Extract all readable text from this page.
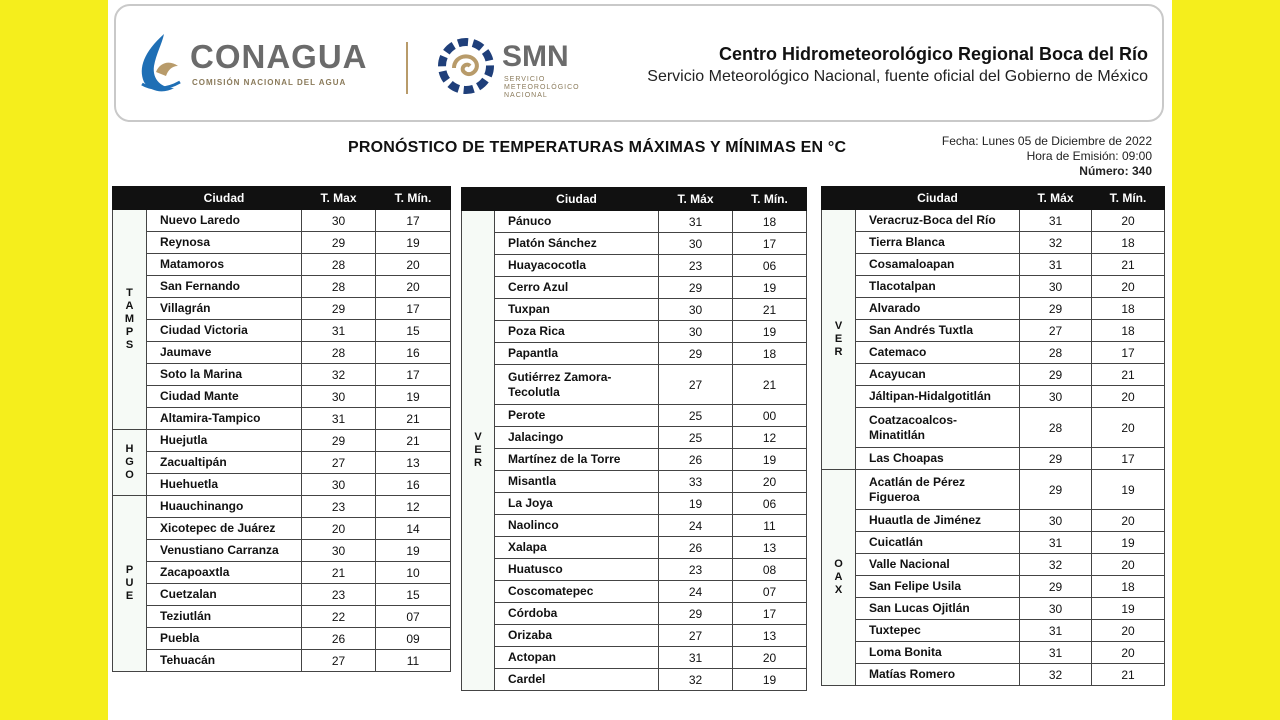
CONAGUA
COMISIÓN NACIONAL DEL AGUA
SMN
SERVICIO METEOROLÓGICO NACIONAL
Centro Hidrometeorológico Regional Boca del Río
Servicio Meteorológico Nacional, fuente oficial del Gobierno de México
PRONÓSTICO DE TEMPERATURAS MÁXIMAS Y MÍNIMAS EN °C	Fecha: Lunes 05 de Diciembre de 2022
Hora de Emisión: 09:00
Número: 340
	Ciudad	T. Max	T. Mín.
TAMPS	Nuevo Laredo	30	17
	Reynosa	29	19
	Matamoros	28	20
	San Fernando	28	20
	Villagrán	29	17
	Ciudad Victoria	31	15
	Jaumave	28	16
	Soto la Marina	32	17
	Ciudad Mante	30	19
	Altamira-Tampico	31	21
HGO	Huejutla	29	21
	Zacualtipán	27	13
	Huehuetla	30	16
PUE	Huauchinango	23	12
	Xicotepec de Juárez	20	14
	Venustiano Carranza	30	19
	Zacapoaxtla	21	10
	Cuetzalan	23	15
	Teziutlán	22	07
	Puebla	26	09
	Tehuacán	27	11
	Ciudad	T. Máx	T. Mín.
VER	Pánuco	31	18
	Platón Sánchez	30	17
	Huayacocotla	23	06
	Cerro Azul	29	19
	Tuxpan	30	21
	Poza Rica	30	19
	Papantla	29	18
	Gutiérrez Zamora-Tecolutla	27	21
	Perote	25	00
	Jalacingo	25	12
	Martínez de la Torre	26	19
	Misantla	33	20
	La Joya	19	06
	Naolinco	24	11
	Xalapa	26	13
	Huatusco	23	08
	Coscomatepec	24	07
	Córdoba	29	17
	Orizaba	27	13
	Actopan	31	20
	Cardel	32	19
	Ciudad	T. Máx	T. Mín.
VER	Veracruz-Boca del Río	31	20
	Tierra Blanca	32	18
	Cosamaloapan	31	21
	Tlacotalpan	30	20
	Alvarado	29	18
	San Andrés Tuxtla	27	18
	Catemaco	28	17
	Acayucan	29	21
	Jáltipan-Hidalgotitlán	30	20
	Coatzacoalcos-Minatitlán	28	20
	Las Choapas	29	17
OAX	Acatlán de Pérez Figueroa	29	19
	Huautla de Jiménez	30	20
	Cuicatlán	31	19
	Valle Nacional	32	20
	San Felipe Usila	29	18
	San Lucas Ojitlán	30	19
	Tuxtepec	31	20
	Loma Bonita	31	20
	Matías Romero	32	21
